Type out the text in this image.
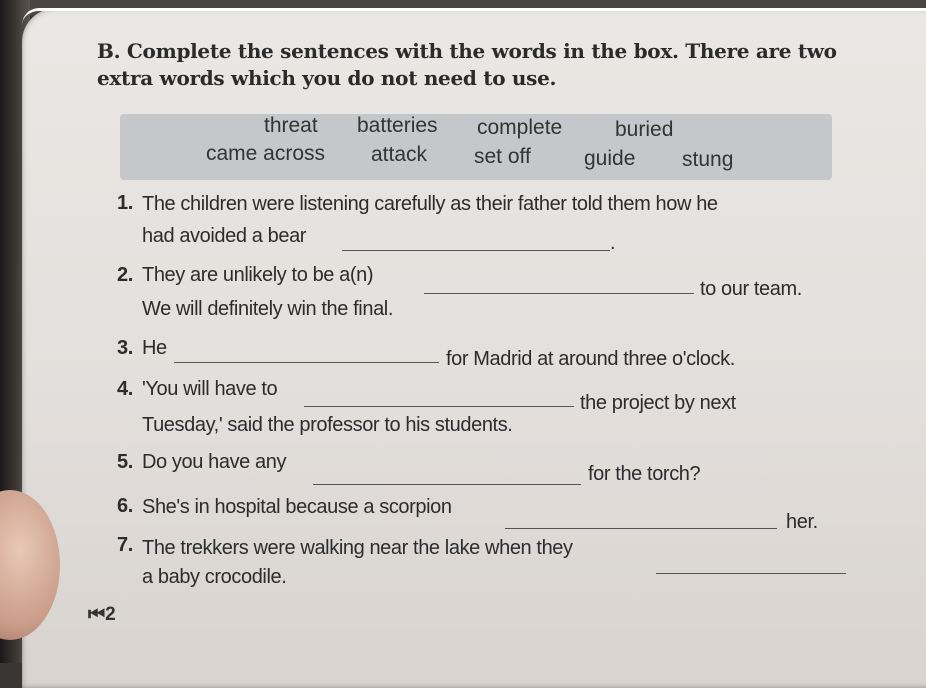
B. Complete the sentences with the words in the box. There are two
extra words which you do not need to use.
threat batteries complete	buried
came across attack set off	guide stung
1. The children were listening carefully as their father told them how he
had avoided a bear	.
2. They are unlikely to be a(n)
to our team.
We will definitely win the final.
3. He	for Madrid at around three o'clock.
4. 'You will have to
the project by next
Tuesday,' said the professor to his students.
5. Do you have any
for the torch?
6. She's in hospital because a scorpion
her.
7. The trekkers were walking near the lake when they
a baby crocodile.
⏮2
